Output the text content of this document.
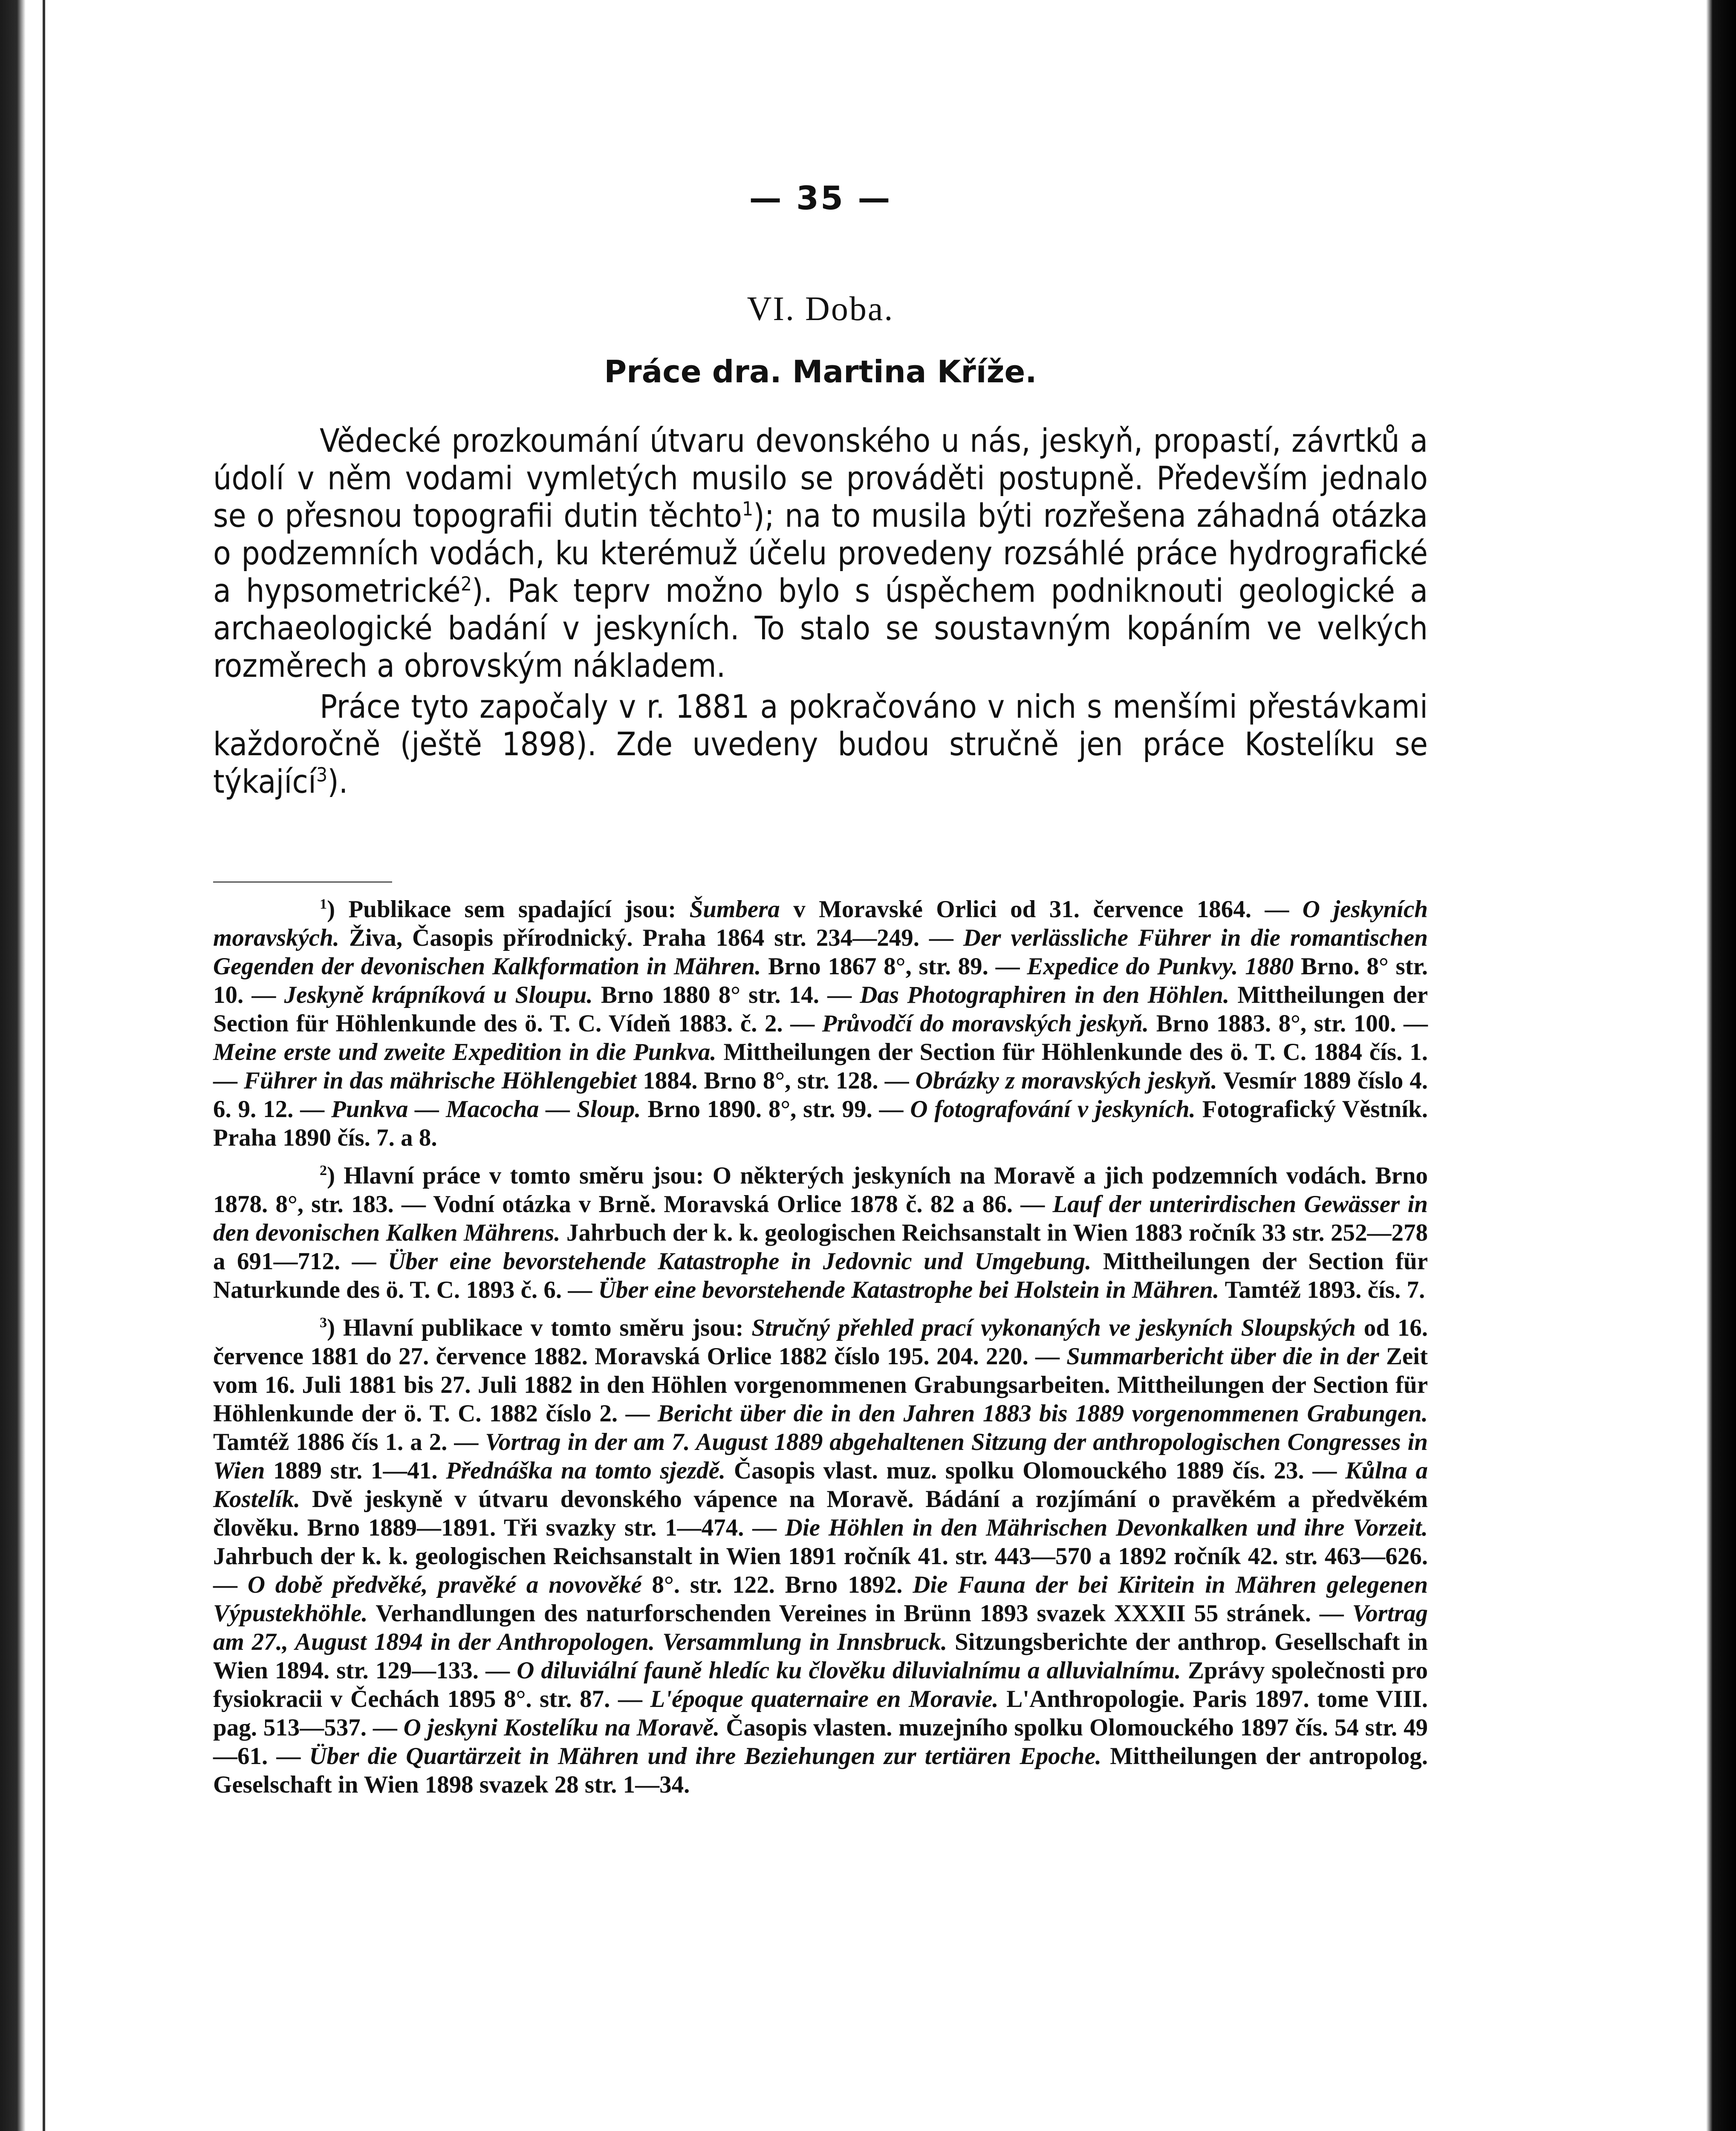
— 35 —
VI. Doba.
Práce dra. Martina Kříže.

Vědecké prozkoumání útvaru devonského u nás, jeskyň, propastí, závrtků a údolí v něm vodami vymletých musilo se prováděti postupně. Především jednalo se o přesnou topografii dutin těchto$^1$); na to musila býti rozřešena záhadná otázka o podzemních vodách, ku kterémuž účelu provedeny rozsáhlé práce hydrografické a hypsometrické$^2$). Pak teprv možno bylo s úspěchem podniknouti geologické a archaeologické badání v jeskyních. To stalo se soustavným kopáním ve velkých rozměrech a obrovským nákladem.

Práce tyto započaly v r. 1881 a pokračováno v nich s menšími přestávkami každoročně (ještě 1898). Zde uvedeny budou stručně jen práce Kostelíku se týkající$^3$).

$^1$) Publikace sem spadající jsou: Šumbera v Moravské Orlici od 31. července 1864. — O jeskyních moravských. Živa, Časopis přírodnický. Praha 1864 str. 234—249. — Der verlässliche Führer in die romantischen Gegenden der devonischen Kalkformation in Mähren. Brno 1867 8°, str. 89. — Expedice do Punkvy. 1880 Brno. 8° str. 10. — Jeskyně krápníková u Sloupu. Brno 1880 8° str. 14. — Das Photographiren in den Höhlen. Mittheilungen der Section für Höhlenkunde des ö. T. C. Vídeň 1883. č. 2. — Průvodčí do moravských jeskyň. Brno 1883. 8°, str. 100. — Meine erste und zweite Expedition in die Punkva. Mittheilungen der Section für Höhlenkunde des ö. T. C. 1884 čís. 1. — Führer in das mährische Höhlengebiet 1884. Brno 8°, str. 128. — Obrázky z moravských jeskyň. Vesmír 1889 číslo 4. 6. 9. 12. — Punkva — Macocha — Sloup. Brno 1890. 8°, str. 99. — O fotografování v jeskyních. Fotografický Věstník. Praha 1890 čís. 7. a 8.

$^2$) Hlavní práce v tomto směru jsou: O některých jeskyních na Moravě a jich podzemních vodách. Brno 1878. 8°, str. 183. — Vodní otázka v Brně. Moravská Orlice 1878 č. 82 a 86. — Lauf der unterirdischen Gewässer in den devonischen Kalken Mährens. Jahrbuch der k. k. geologischen Reichsanstalt in Wien 1883 ročník 33 str. 252—278 a 691—712. — Über eine bevorstehende Katastrophe in Jedovnic und Umgebung. Mittheilungen der Section für Naturkunde des ö. T. C. 1893 č. 6. — Über eine bevorstehende Katastrophe bei Holstein in Mähren. Tamtéž 1893. čís. 7.

$^3$) Hlavní publikace v tomto směru jsou: Stručný přehled prací vykonaných ve jeskyních Sloupských od 16. července 1881 do 27. července 1882. Moravská Orlice 1882 číslo 195. 204. 220. — Summarbericht über die in der Zeit vom 16. Juli 1881 bis 27. Juli 1882 in den Höhlen vorgenommenen Grabungsarbeiten. Mittheilungen der Section für Höhlenkunde der ö. T. C. 1882 číslo 2. — Bericht über die in den Jahren 1883 bis 1889 vorgenommenen Grabungen. Tamtéž 1886 čís 1. a 2. — Vortrag in der am 7. August 1889 abgehaltenen Sitzung der anthropologischen Congresses in Wien 1889 str. 1—41. Přednáška na tomto sjezdě. Časopis vlast. muz. spolku Olomouckého 1889 čís. 23. — Kůlna a Kostelík. Dvě jeskyně v útvaru devonského vápence na Moravě. Bádání a rozjímání o pravěkém a předvěkém člověku. Brno 1889—1891. Tři svazky str. 1—474. — Die Höhlen in den Mährischen Devonkalken und ihre Vorzeit. Jahrbuch der k. k. geologischen Reichsanstalt in Wien 1891 ročník 41. str. 443—570 a 1892 ročník 42. str. 463—626. — O době předvěké, pravěké a novověké 8°. str. 122. Brno 1892. Die Fauna der bei Kiritein in Mähren gelegenen Výpustekhöhle. Verhandlungen des naturforschenden Vereines in Brünn 1893 svazek XXXII 55 stránek. — Vortrag am 27., August 1894 in der Anthropologen. Versammlung in Innsbruck. Sitzungsberichte der anthrop. Gesellschaft in Wien 1894. str. 129—133. — O diluviální fauně hledíc ku člověku diluvialnímu a alluvialnímu. Zprávy společnosti pro fysiokracii v Čechách 1895 8°. str. 87. — L'époque quaternaire en Moravie. L'Anthropologie. Paris 1897. tome VIII. pag. 513—537. — O jeskyni Kostelíku na Moravě. Časopis vlasten. muzejního spolku Olomouckého 1897 čís. 54 str. 49—61. — Über die Quartärzeit in Mähren und ihre Beziehungen zur tertiären Epoche. Mittheilungen der antropolog. Geselschaft in Wien 1898 svazek 28 str. 1—34.
